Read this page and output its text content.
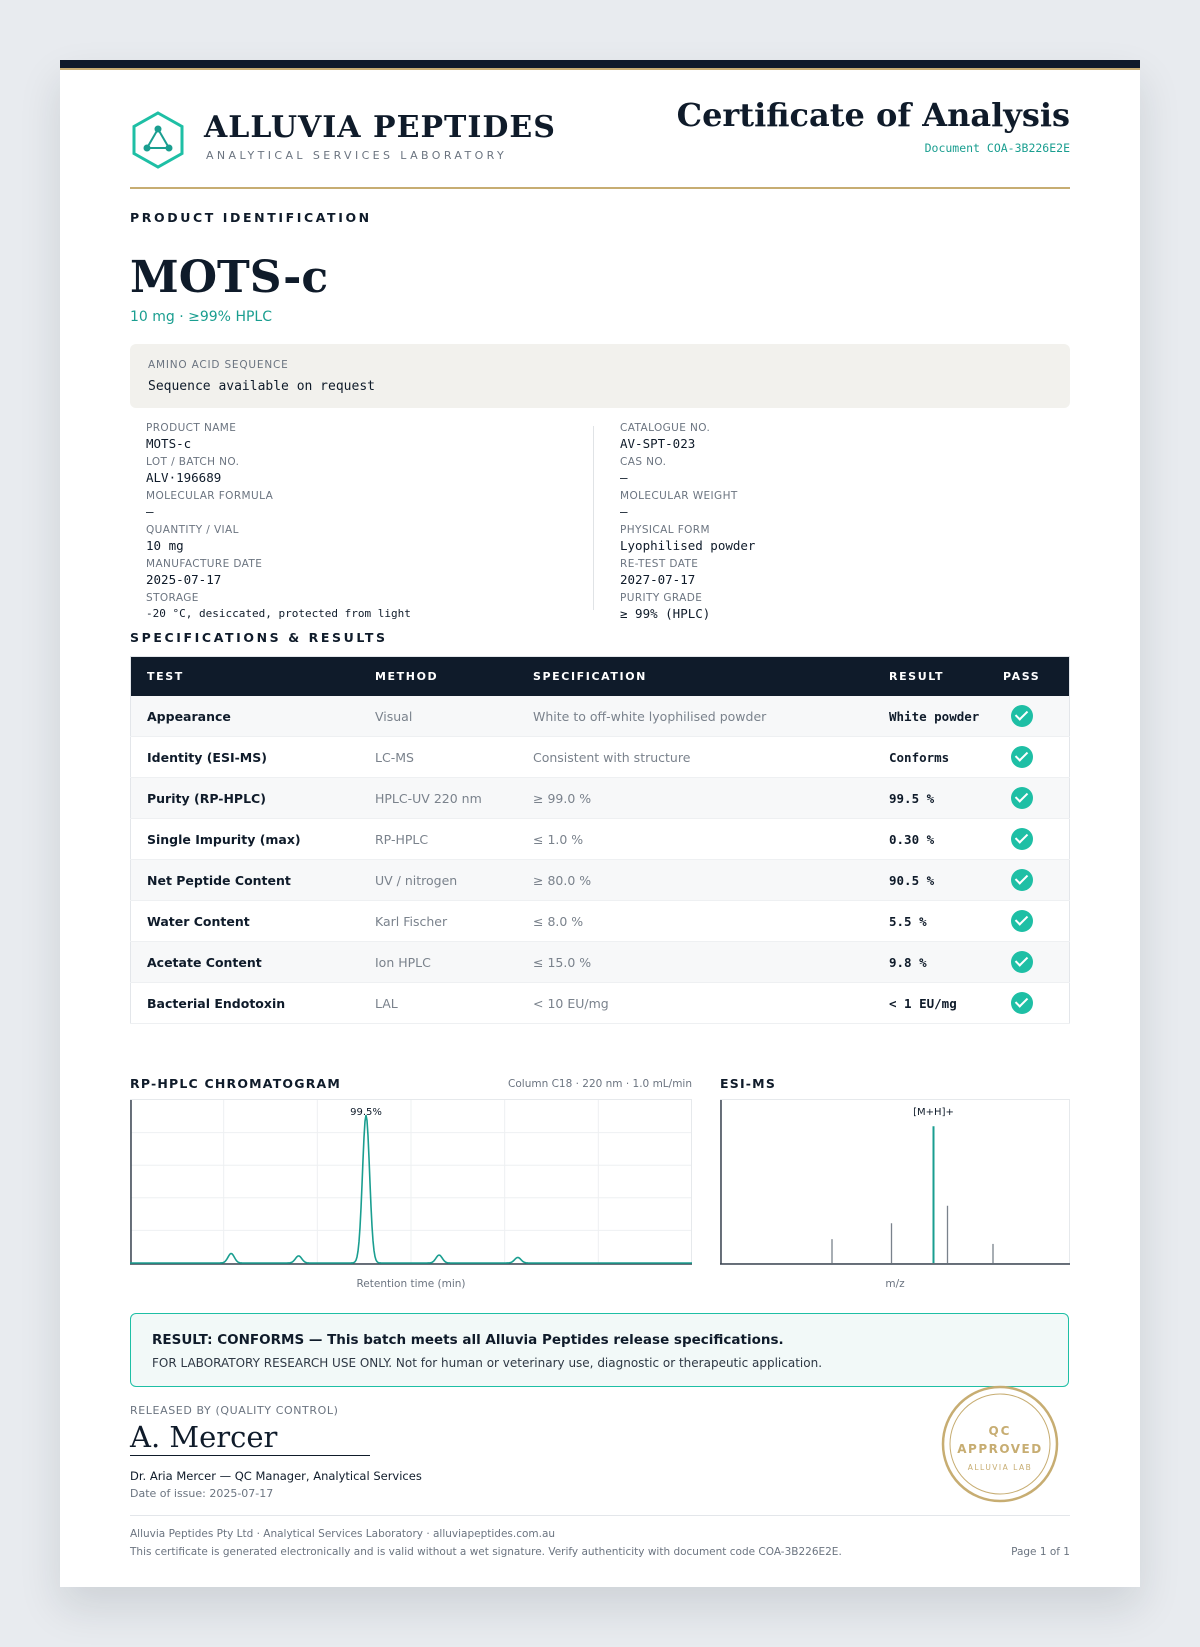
ALLUVIA PEPTIDES
ANALYTICAL SERVICES LABORATORY
Certificate of Analysis
Document COA-3B226E2E
PRODUCT IDENTIFICATION
MOTS-c
10 mg · ≥99% HPLC
AMINO ACID SEQUENCE
Sequence available on request
PRODUCT NAME
MOTS-c
LOT / BATCH NO.
ALV·196689
MOLECULAR FORMULA
—
QUANTITY / VIAL
10 mg
MANUFACTURE DATE
2025-07-17
STORAGE
-20 °C, desiccated, protected from light
CATALOGUE NO.
AV-SPT-023
CAS NO.
—
MOLECULAR WEIGHT
—
PHYSICAL FORM
Lyophilised powder
RE-TEST DATE
2027-07-17
PURITY GRADE
≥ 99% (HPLC)
SPECIFICATIONS & RESULTS
TEST	METHOD	SPECIFICATION	RESULT	PASS
Appearance	Visual	White to off-white lyophilised powder	White powder	
Identity (ESI-MS)	LC-MS	Consistent with structure	Conforms	
Purity (RP-HPLC)	HPLC-UV 220 nm	≥ 99.0 %	99.5 %	
Single Impurity (max)	RP-HPLC	≤ 1.0 %	0.30 %	
Net Peptide Content	UV / nitrogen	≥ 80.0 %	90.5 %	
Water Content	Karl Fischer	≤ 8.0 %	5.5 %	
Acetate Content	Ion HPLC	≤ 15.0 %	9.8 %	
Bacterial Endotoxin	LAL	< 10 EU/mg	< 1 EU/mg	
RP-HPLC CHROMATOGRAM	Column C18 · 220 nm · 1.0 mL/min
99.5%
Retention time (min)
ESI-MS
[M+H]+
m/z
RESULT: CONFORMS — This batch meets all Alluvia Peptides release specifications.
FOR LABORATORY RESEARCH USE ONLY. Not for human or veterinary use, diagnostic or therapeutic application.
RELEASED BY (QUALITY CONTROL)
A. Mercer
Dr. Aria Mercer — QC Manager, Analytical Services
Date of issue: 2025-07-17
QC
APPROVED
ALLUVIA LAB
Alluvia Peptides Pty Ltd · Analytical Services Laboratory · alluviapeptides.com.au
This certificate is generated electronically and is valid without a wet signature. Verify authenticity with document code COA-3B226E2E.	Page 1 of 1
